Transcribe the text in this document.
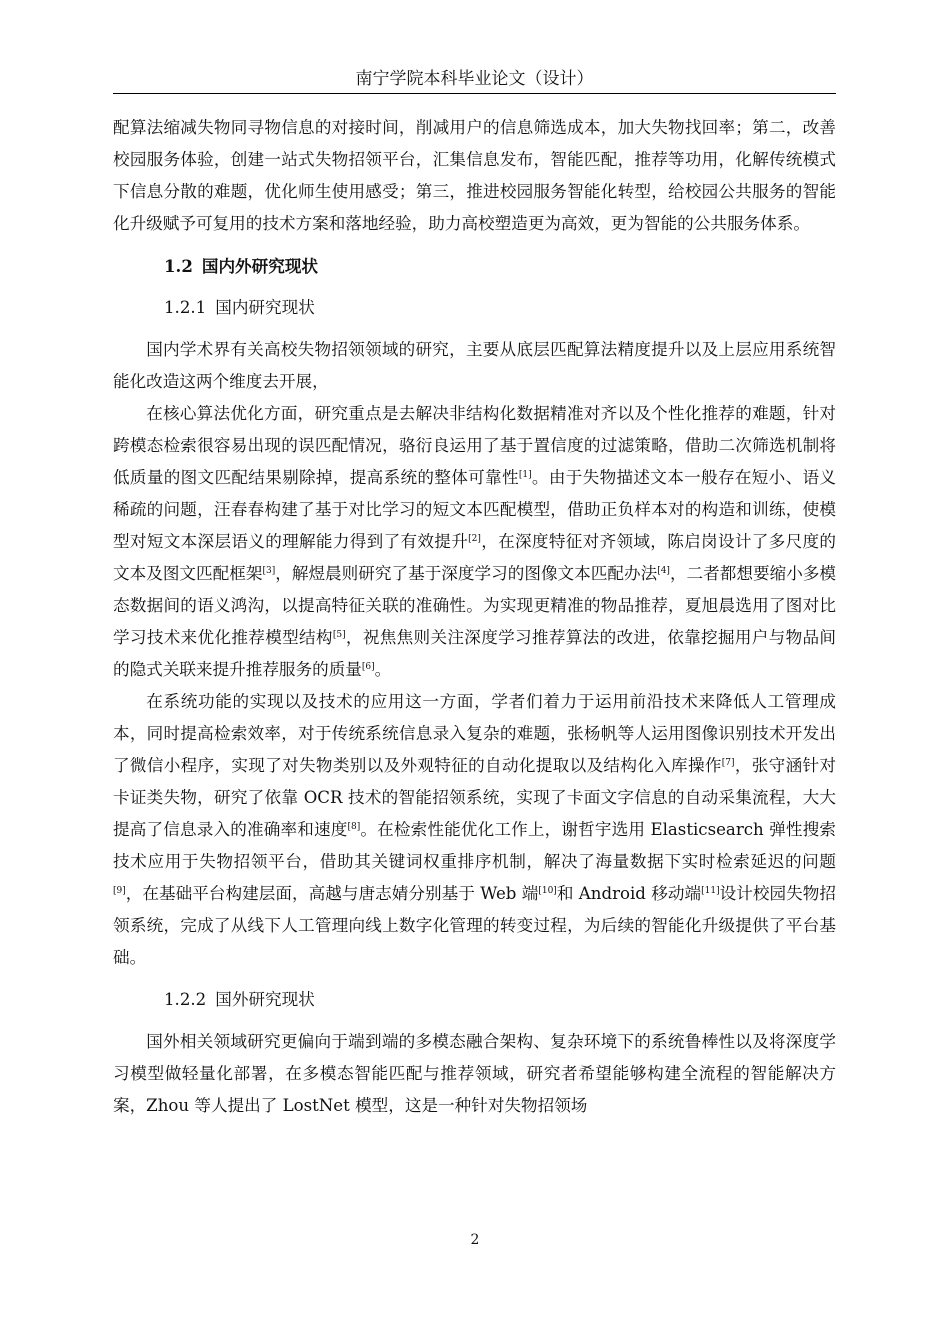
南宁学院本科毕业论文（设计）

配算法缩减失物同寻物信息的对接时间，削减用户的信息筛选成本，加大失物找回率；第二，改善校园服务体验，创建一站式失物招领平台，汇集信息发布，智能匹配，推荐等功用，化解传统模式下信息分散的难题，优化师生使用感受；第三，推进校园服务智能化转型，给校园公共服务的智能化升级赋予可复用的技术方案和落地经验，助力高校塑造更为高效，更为智能的公共服务体系。

1.2 国内外研究现状

1.2.1 国内研究现状

国内学术界有关高校失物招领领域的研究，主要从底层匹配算法精度提升以及上层应用系统智能化改造这两个维度去开展，

在核心算法优化方面，研究重点是去解决非结构化数据精准对齐以及个性化推荐的难题，针对跨模态检索很容易出现的误匹配情况，骆衍良运用了基于置信度的过滤策略，借助二次筛选机制将低质量的图文匹配结果剔除掉，提高系统的整体可靠性[1]。由于失物描述文本一般存在短小、语义稀疏的问题，汪春春构建了基于对比学习的短文本匹配模型，借助正负样本对的构造和训练，使模型对短文本深层语义的理解能力得到了有效提升[2]，在深度特征对齐领域，陈启岗设计了多尺度的文本及图文匹配框架[3]，解煜晨则研究了基于深度学习的图像文本匹配办法[4]，二者都想要缩小多模态数据间的语义鸿沟，以提高特征关联的准确性。为实现更精准的物品推荐，夏旭晨选用了图对比学习技术来优化推荐模型结构[5]，祝焦焦则关注深度学习推荐算法的改进，依靠挖掘用户与物品间的隐式关联来提升推荐服务的质量[6]。

在系统功能的实现以及技术的应用这一方面，学者们着力于运用前沿技术来降低人工管理成本，同时提高检索效率，对于传统系统信息录入复杂的难题，张杨帆等人运用图像识别技术开发出了微信小程序，实现了对失物类别以及外观特征的自动化提取以及结构化入库操作[7]，张守涵针对卡证类失物，研究了依靠 OCR 技术的智能招领系统，实现了卡面文字信息的自动采集流程，大大提高了信息录入的准确率和速度[8]。在检索性能优化工作上，谢哲宇选用 Elasticsearch 弹性搜索技术应用于失物招领平台，借助其关键词权重排序机制，解决了海量数据下实时检索延迟的问题[9]，在基础平台构建层面，高越与唐志婧分别基于 Web 端[10]和 Android 移动端[11]设计校园失物招领系统，完成了从线下人工管理向线上数字化管理的转变过程，为后续的智能化升级提供了平台基础。

1.2.2 国外研究现状

国外相关领域研究更偏向于端到端的多模态融合架构、复杂环境下的系统鲁棒性以及将深度学习模型做轻量化部署，在多模态智能匹配与推荐领域，研究者希望能够构建全流程的智能解决方案，Zhou 等人提出了 LostNet 模型，这是一种针对失物招领场

2
